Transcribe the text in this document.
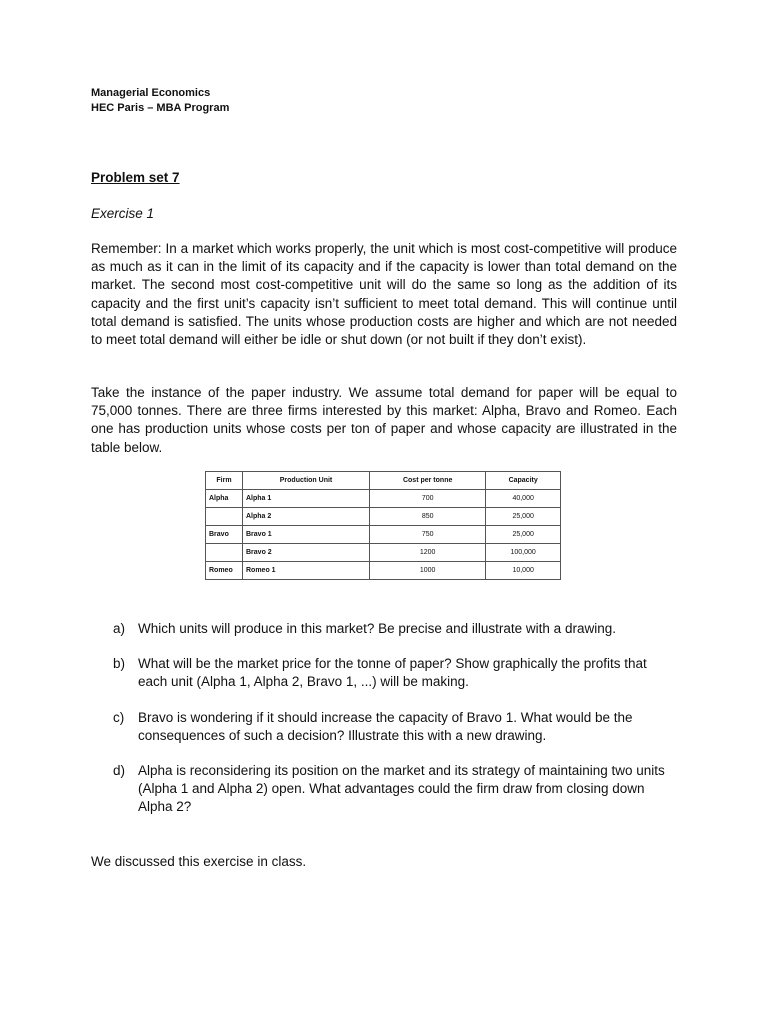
Managerial Economics
HEC Paris – MBA Program
Problem set 7
Exercise 1

Remember: In a market which works properly, the unit which is most cost-competitive will produce as much as it can in the limit of its capacity and if the capacity is lower than total demand on the market. The second most cost-competitive unit will do the same so long as the addition of its capacity and the first unit’s capacity isn’t sufficient to meet total demand. This will continue until total demand is satisfied. The units whose production costs are higher and which are not needed to meet total demand will either be idle or shut down (or not built if they don’t exist).

Take the instance of the paper industry. We assume total demand for paper will be equal to 75,000 tonnes. There are three firms interested by this market: Alpha, Bravo and Romeo. Each one has production units whose costs per ton of paper and whose capacity are illustrated in the table below.

Firm	Production Unit	Cost per tonne	Capacity
Alpha	Alpha 1	700	40,000
	Alpha 2	850	25,000
Bravo	Bravo 1	750	25,000
	Bravo 2	1200	100,000
Romeo	Romeo 1	1000	10,000
a) Which units will produce in this market? Be precise and illustrate with a drawing.
b) What will be the market price for the tonne of paper? Show graphically the profits that each unit (Alpha 1, Alpha 2, Bravo 1, ...) will be making.
c) Bravo is wondering if it should increase the capacity of Bravo 1. What would be the consequences of such a decision? Illustrate this with a new drawing.
d) Alpha is reconsidering its position on the market and its strategy of maintaining two units (Alpha 1 and Alpha 2) open. What advantages could the firm draw from closing down Alpha 2?
We discussed this exercise in class.
